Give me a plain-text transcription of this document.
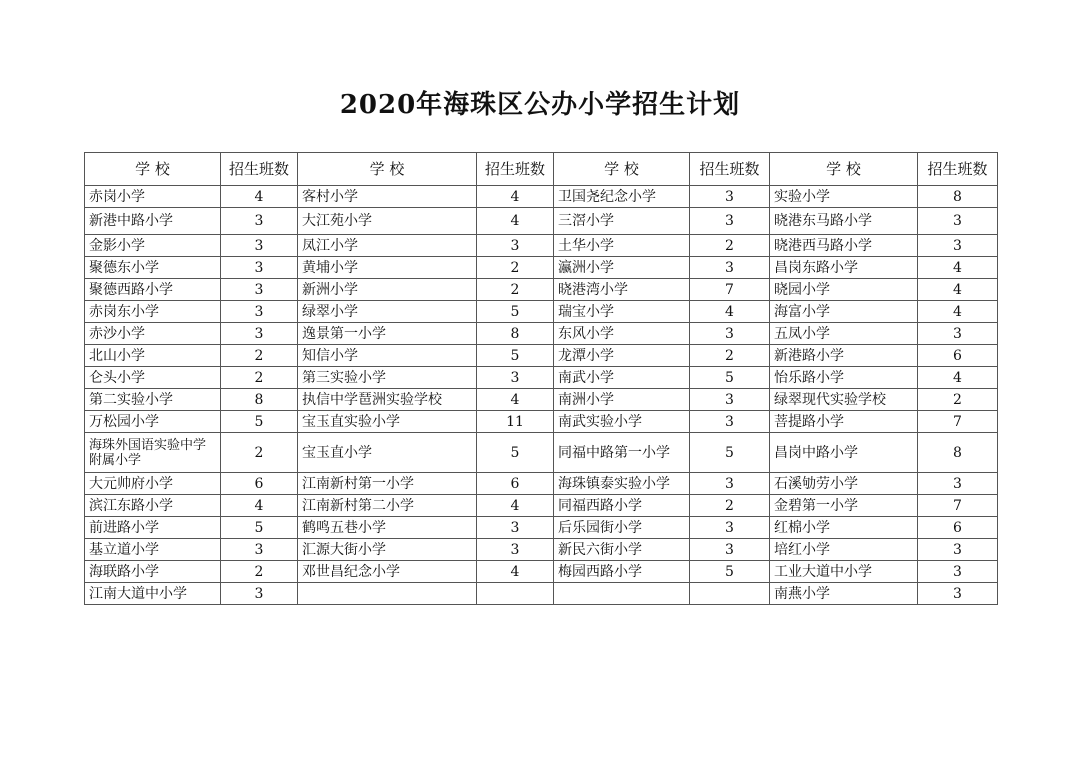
2020年海珠区公办小学招生计划
学 校	招生班数	学 校	招生班数	学 校	招生班数	学 校	招生班数
赤岗小学	4	客村小学	4	卫国尧纪念小学	3	实验小学	8
新港中路小学	3	大江苑小学	4	三滘小学	3	晓港东马路小学	3
金影小学	3	凤江小学	3	土华小学	2	晓港西马路小学	3
聚德东小学	3	黄埔小学	2	瀛洲小学	3	昌岗东路小学	4
聚德西路小学	3	新洲小学	2	晓港湾小学	7	晓园小学	4
赤岗东小学	3	绿翠小学	5	瑞宝小学	4	海富小学	4
赤沙小学	3	逸景第一小学	8	东风小学	3	五凤小学	3
北山小学	2	知信小学	5	龙潭小学	2	新港路小学	6
仑头小学	2	第三实验小学	3	南武小学	5	怡乐路小学	4
第二实验小学	8	执信中学琶洲实验学校	4	南洲小学	3	绿翠现代实验学校	2
万松园小学	5	宝玉直实验小学	11	南武实验小学	3	菩提路小学	7
海珠外国语实验中学附属小学	2	宝玉直小学	5	同福中路第一小学	5	昌岗中路小学	8
大元帅府小学	6	江南新村第一小学	6	海珠镇泰实验小学	3	石溪劬劳小学	3
滨江东路小学	4	江南新村第二小学	4	同福西路小学	2	金碧第一小学	7
前进路小学	5	鹤鸣五巷小学	3	后乐园街小学	3	红棉小学	6
基立道小学	3	汇源大街小学	3	新民六街小学	3	培红小学	3
海联路小学	2	邓世昌纪念小学	4	梅园西路小学	5	工业大道中小学	3
江南大道中小学	3					南燕小学	3
